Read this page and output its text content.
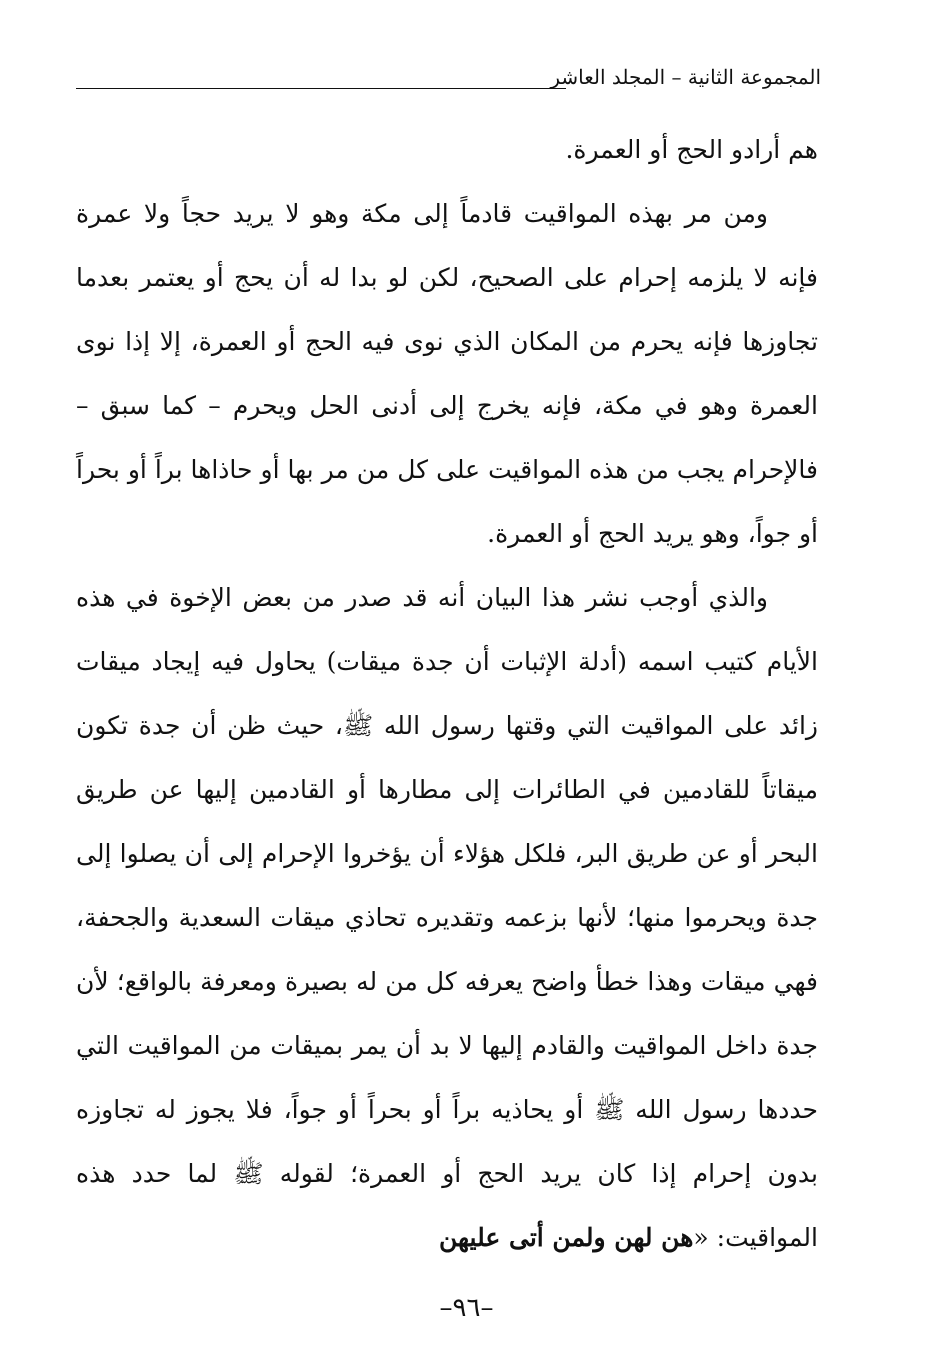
المجموعة الثانية – المجلد العاشر

هم أرادو الحج أو العمرة.

ومن مر بهذه المواقيت قادماً إلى مكة وهو لا يريد حجاً ولا عمرة فإنه لا يلزمه إحرام على الصحيح، لكن لو بدا له أن يحج أو يعتمر بعدما تجاوزها فإنه يحرم من المكان الذي نوى فيه الحج أو العمرة، إلا إذا نوى العمرة وهو في مكة، فإنه يخرج إلى أدنى الحل ويحرم – كما سبق – فالإحرام يجب من هذه المواقيت على كل من مر بها أو حاذاها براً أو بحراً أو جواً، وهو يريد الحج أو العمرة.

والذي أوجب نشر هذا البيان أنه قد صدر من بعض الإخوة في هذه الأيام كتيب اسمه (أدلة الإثبات أن جدة ميقات) يحاول فيه إيجاد ميقات زائد على المواقيت التي وقتها رسول الله ﷺ، حيث ظن أن جدة تكون ميقاتاً للقادمين في الطائرات إلى مطارها أو القادمين إليها عن طريق البحر أو عن طريق البر، فلكل هؤلاء أن يؤخروا الإحرام إلى أن يصلوا إلى جدة ويحرموا منها؛ لأنها بزعمه وتقديره تحاذي ميقات السعدية والجحفة، فهي ميقات وهذا خطأ واضح يعرفه كل من له بصيرة ومعرفة بالواقع؛ لأن جدة داخل المواقيت والقادم إليها لا بد أن يمر بميقات من المواقيت التي حددها رسول الله ﷺ أو يحاذيه براً أو بحراً أو جواً، فلا يجوز له تجاوزه بدون إحرام إذا كان يريد الحج أو العمرة؛ لقوله ﷺ لما حدد هذه المواقيت: «هن لهن ولمن أتى عليهن

–٩٦–
